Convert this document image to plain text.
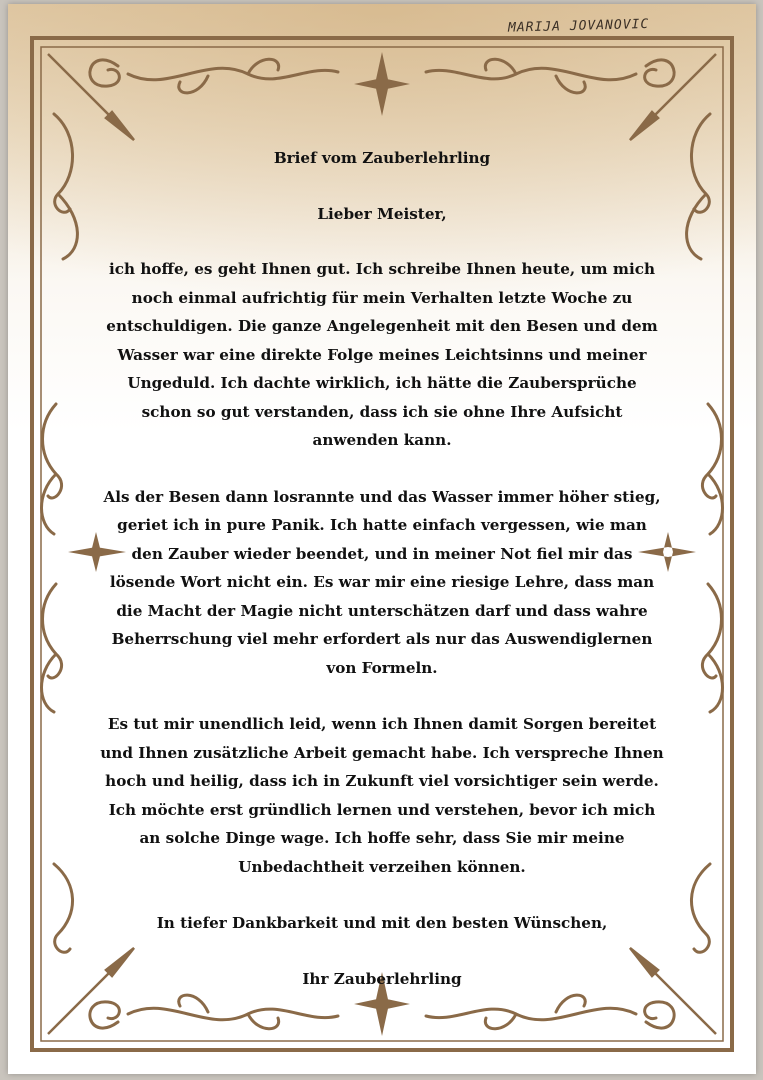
MARIJA JOVANOVIC

Brief vom Zauberlehrling

Lieber Meister,

ich hoffe, es geht Ihnen gut. Ich schreibe Ihnen heute, um mich noch einmal aufrichtig für mein Verhalten letzte Woche zu entschuldigen. Die ganze Angelegenheit mit den Besen und dem Wasser war eine direkte Folge meines Leichtsinns und meiner Ungeduld. Ich dachte wirklich, ich hätte die Zaubersprüche schon so gut verstanden, dass ich sie ohne Ihre Aufsicht anwenden kann.

Als der Besen dann losrannte und das Wasser immer höher stieg, geriet ich in pure Panik. Ich hatte einfach vergessen, wie man den Zauber wieder beendet, und in meiner Not fiel mir das lösende Wort nicht ein. Es war mir eine riesige Lehre, dass man die Macht der Magie nicht unterschätzen darf und dass wahre Beherrschung viel mehr erfordert als nur das Auswendiglernen von Formeln.

Es tut mir unendlich leid, wenn ich Ihnen damit Sorgen bereitet und Ihnen zusätzliche Arbeit gemacht habe. Ich verspreche Ihnen hoch und heilig, dass ich in Zukunft viel vorsichtiger sein werde. Ich möchte erst gründlich lernen und verstehen, bevor ich mich an solche Dinge wage. Ich hoffe sehr, dass Sie mir meine Unbedachtheit verzeihen können.

In tiefer Dankbarkeit und mit den besten Wünschen,

Ihr Zauberlehrling
